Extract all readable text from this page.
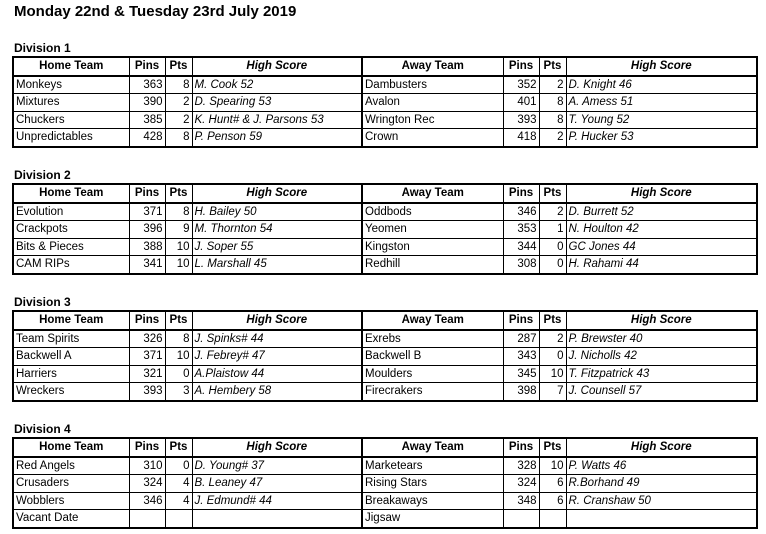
Monday 22nd & Tuesday 23rd July 2019
Division 1
Home Team	Pins	Pts	High Score	Away Team	Pins	Pts	High Score
Monkeys	363	8	M. Cook 52	Dambusters	352	2	D. Knight 46
Mixtures	390	2	D. Spearing 53	Avalon	401	8	A. Amess 51
Chuckers	385	2	K. Hunt# & J. Parsons 53	Wrington Rec	393	8	T. Young 52
Unpredictables	428	8	P. Penson 59	Crown	418	2	P. Hucker 53
Division 2
Home Team	Pins	Pts	High Score	Away Team	Pins	Pts	High Score
Evolution	371	8	H. Bailey 50	Oddbods	346	2	D. Burrett 52
Crackpots	396	9	M. Thornton 54	Yeomen	353	1	N. Houlton 42
Bits & Pieces	388	10	J. Soper 55	Kingston	344	0	GC Jones 44
CAM RIPs	341	10	L. Marshall 45	Redhill	308	0	H. Rahami 44
Division 3
Home Team	Pins	Pts	High Score	Away Team	Pins	Pts	High Score
Team Spirits	326	8	J. Spinks# 44	Exrebs	287	2	P. Brewster 40
Backwell A	371	10	J. Febrey# 47	Backwell B	343	0	J. Nicholls 42
Harriers	321	0	A.Plaistow 44	Moulders	345	10	T. Fitzpatrick 43
Wreckers	393	3	A. Hembery 58	Firecrakers	398	7	J. Counsell 57
Division 4
Home Team	Pins	Pts	High Score	Away Team	Pins	Pts	High Score
Red Angels	310	0	D. Young# 37	Marketears	328	10	P. Watts 46
Crusaders	324	4	B. Leaney 47	Rising Stars	324	6	R.Borhand 49
Wobblers	346	4	J. Edmund# 44	Breakaways	348	6	R. Cranshaw 50
Vacant Date				Jigsaw			
